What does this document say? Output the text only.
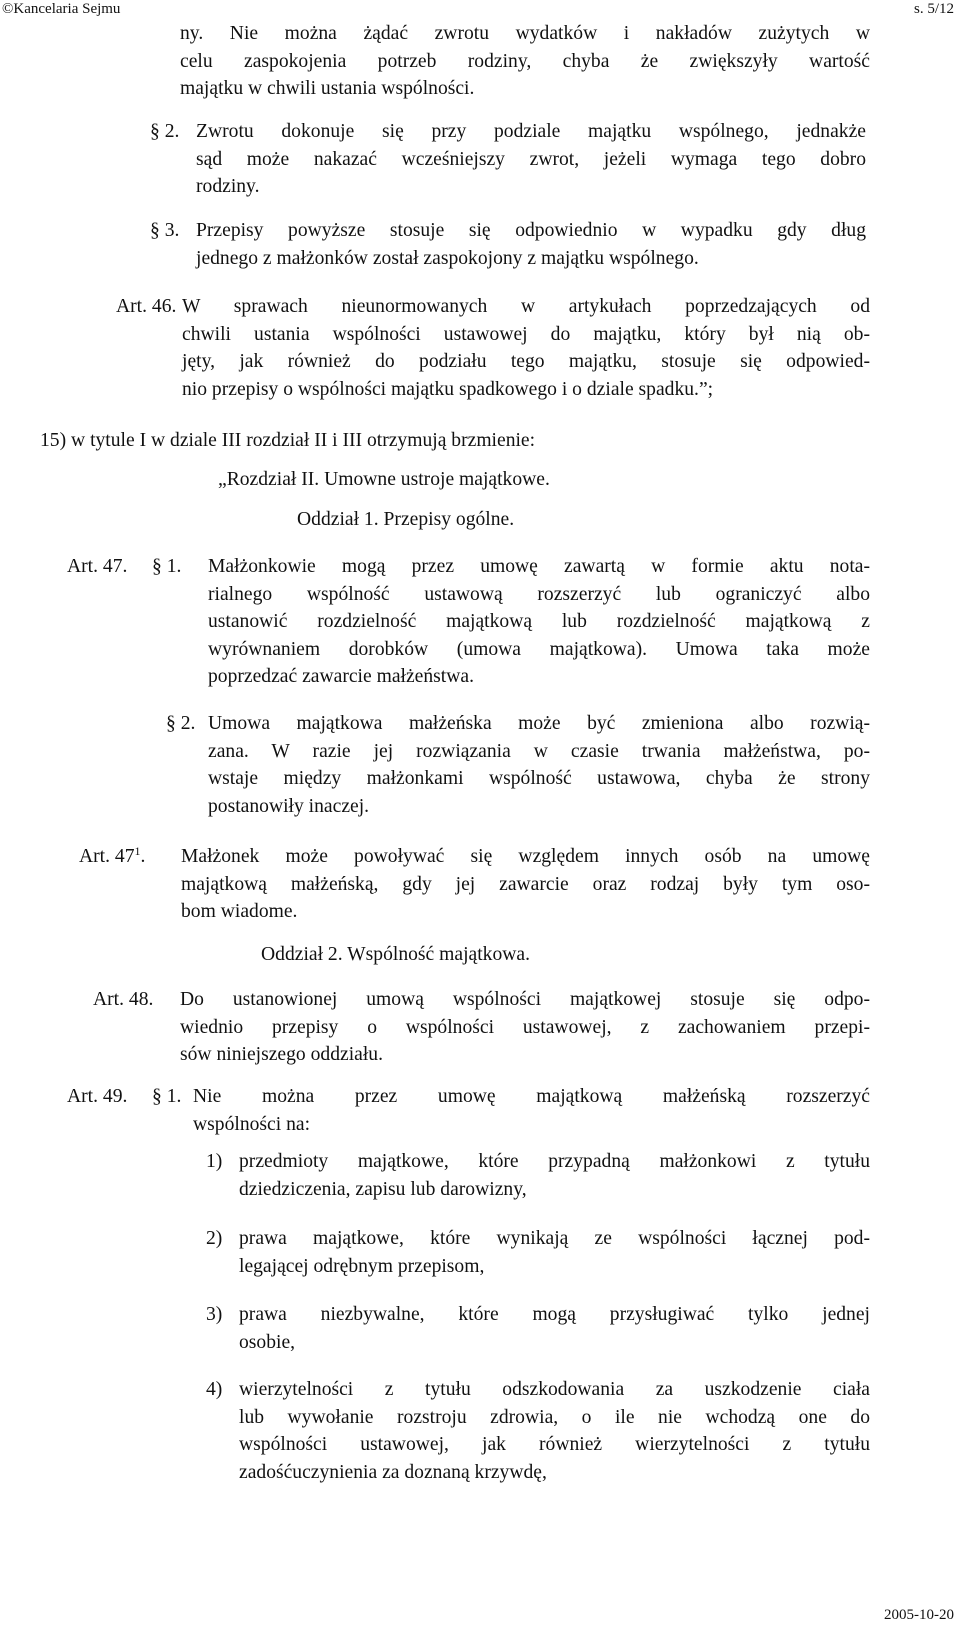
©Kancelaria Sejmu	s. 5/12
ny. Nie można żądać zwrotu wydatków i nakładów zużytych w
celu zaspokojenia potrzeb rodziny, chyba że zwiększyły wartość
majątku w chwili ustania wspólności.
§ 2. Zwrotu dokonuje się przy podziale majątku wspólnego, jednakże
sąd może nakazać wcześniejszy zwrot, jeżeli wymaga tego dobro
rodziny.
§ 3. Przepisy powyższe stosuje się odpowiednio w wypadku gdy dług
jednego z małżonków został zaspokojony z majątku wspólnego.
Art. 46. W sprawach nieunormowanych w artykułach poprzedzających od
chwili ustania wspólności ustawowej do majątku, który był nią ob-
jęty, jak również do podziału tego majątku, stosuje się odpowied-
nio przepisy o wspólności majątku spadkowego i o dziale spadku.”;
15) w tytule I w dziale III rozdział II i III otrzymują brzmienie:
„Rozdział II. Umowne ustroje majątkowe.
Oddział 1. Przepisy ogólne.
Art. 47. § 1. Małżonkowie mogą przez umowę zawartą w formie aktu nota-
rialnego wspólność ustawową rozszerzyć lub ograniczyć albo
ustanowić rozdzielność majątkową lub rozdzielność majątkową z
wyrównaniem dorobków (umowa majątkowa). Umowa taka może
poprzedzać zawarcie małżeństwa.
§ 2. Umowa majątkowa małżeńska może być zmieniona albo rozwią-
zana. W razie jej rozwiązania w czasie trwania małżeństwa, po-
wstaje między małżonkami wspólność ustawowa, chyba że strony
postanowiły inaczej.
Art. $47^1$. Małżonek może powoływać się względem innych osób na umowę
majątkową małżeńską, gdy jej zawarcie oraz rodzaj były tym oso-
bom wiadome.
Oddział 2. Wspólność majątkowa.
Art. 48. Do ustanowionej umową wspólności majątkowej stosuje się odpo-
wiednio przepisy o wspólności ustawowej, z zachowaniem przepi-
sów niniejszego oddziału.
Art. 49. § 1. Nie można przez umowę majątkową małżeńską rozszerzyć
wspólności na:
1) przedmioty majątkowe, które przypadną małżonkowi z tytułu
dziedziczenia, zapisu lub darowizny,
2) prawa majątkowe, które wynikają ze wspólności łącznej pod-
legającej odrębnym przepisom,
3) prawa niezbywalne, które mogą przysługiwać tylko jednej
osobie,
4) wierzytelności z tytułu odszkodowania za uszkodzenie ciała
lub wywołanie rozstroju zdrowia, o ile nie wchodzą one do
wspólności ustawowej, jak również wierzytelności z tytułu
zadośćuczynienia za doznaną krzywdę,
2005-10-20
